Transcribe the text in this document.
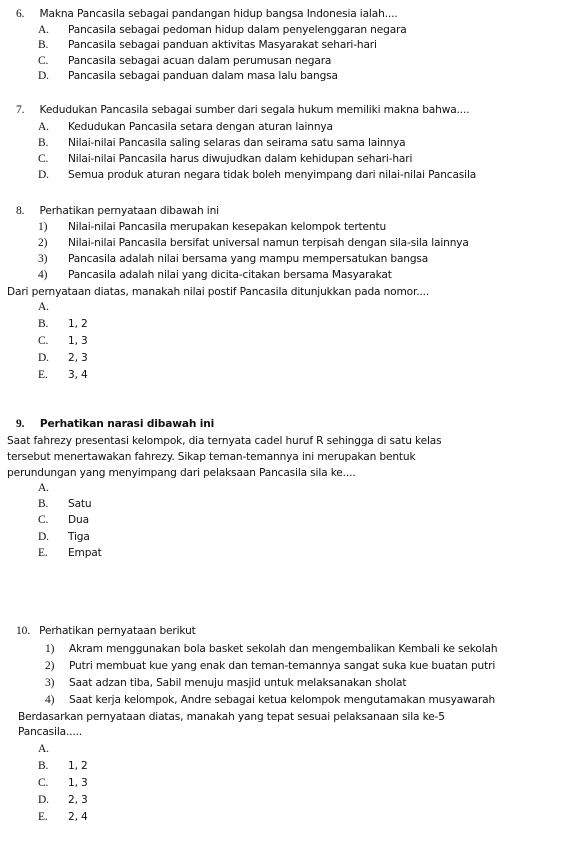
6. Makna Pancasila sebagai pandangan hidup bangsa Indonesia ialah....
A. Pancasila sebagai pedoman hidup dalam penyelenggaran negara
B. Pancasila sebagai panduan aktivitas Masyarakat sehari-hari
C. Pancasila sebagai acuan dalam perumusan negara
D. Pancasila sebagai panduan dalam masa lalu bangsa
7. Kedudukan Pancasila sebagai sumber dari segala hukum memiliki makna bahwa....
A. Kedudukan Pancasila setara dengan aturan lainnya
B. Nilai-nilai Pancasila saling selaras dan seirama satu sama lainnya
C. Nilai-nilai Pancasila harus diwujudkan dalam kehidupan sehari-hari
D. Semua produk aturan negara tidak boleh menyimpang dari nilai-nilai Pancasila
8. Perhatikan pernyataan dibawah ini
1) Nilai-nilai Pancasila merupakan kesepakan kelompok tertentu
2) Nilai-nilai Pancasila bersifat universal namun terpisah dengan sila-sila lainnya
3) Pancasila adalah nilai bersama yang mampu mempersatukan bangsa
4) Pancasila adalah nilai yang dicita-citakan bersama Masyarakat
Dari pernyataan diatas, manakah nilai postif Pancasila ditunjukkan pada nomor....
A.
B. 1, 2
C. 1, 3
D. 2, 3
E. 3, 4
9. Perhatikan narasi dibawah ini
Saat fahrezy presentasi kelompok, dia ternyata cadel huruf R sehingga di satu kelas
tersebut menertawakan fahrezy. Sikap teman-temannya ini merupakan bentuk
perundungan yang menyimpang dari pelaksaan Pancasila sila ke....
A.
B. Satu
C. Dua
D. Tiga
E. Empat
10. Perhatikan pernyataan berikut
1) Akram menggunakan bola basket sekolah dan mengembalikan Kembali ke sekolah
2) Putri membuat kue yang enak dan teman-temannya sangat suka kue buatan putri
3) Saat adzan tiba, Sabil menuju masjid untuk melaksanakan sholat
4) Saat kerja kelompok, Andre sebagai ketua kelompok mengutamakan musyawarah
Berdasarkan pernyataan diatas, manakah yang tepat sesuai pelaksanaan sila ke-5
Pancasila.....
A.
B. 1, 2
C. 1, 3
D. 2, 3
E. 2, 4
